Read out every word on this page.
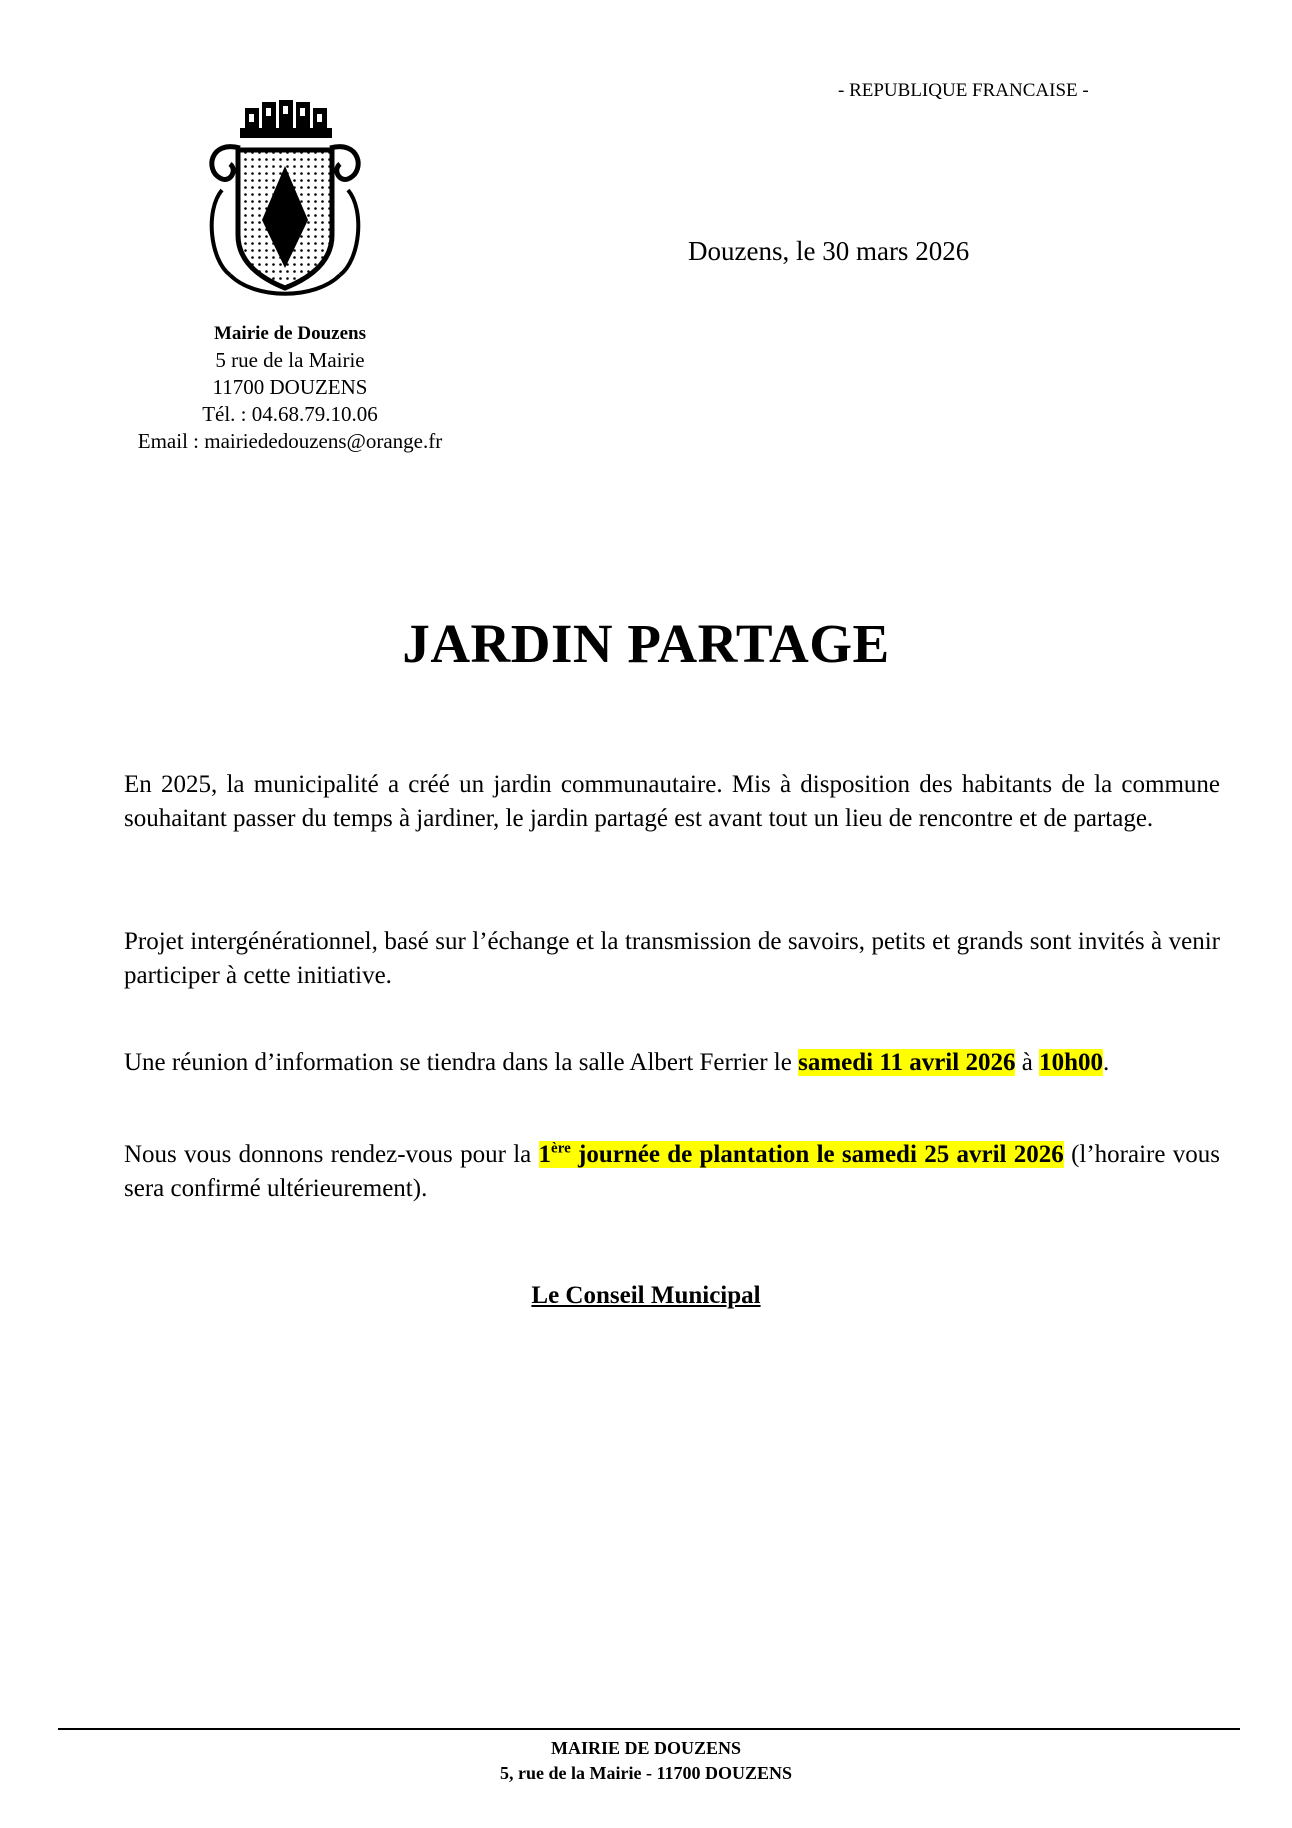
- REPUBLIQUE FRANCAISE -
Mairie de Douzens
5 rue de la Mairie
11700 DOUZENS
Tél. : 04.68.79.10.06
Email : mairiededouzens@orange.fr
Douzens, le 30 mars 2026
JARDIN PARTAGE
En 2025, la municipalité a créé un jardin communautaire. Mis à disposition des habitants de la commune souhaitant passer du temps à jardiner, le jardin partagé est avant tout un lieu de rencontre et de partage.
Projet intergénérationnel, basé sur l’échange et la transmission de savoirs, petits et grands sont invités à venir participer à cette initiative.
Une réunion d’information se tiendra dans la salle Albert Ferrier le samedi 11 avril 2026 à 10h00.
Nous vous donnons rendez-vous pour la 1ère journée de plantation le samedi 25 avril 2026 (l’horaire vous sera confirmé ultérieurement).
Le Conseil Municipal
MAIRIE DE DOUZENS
5, rue de la Mairie - 11700 DOUZENS
